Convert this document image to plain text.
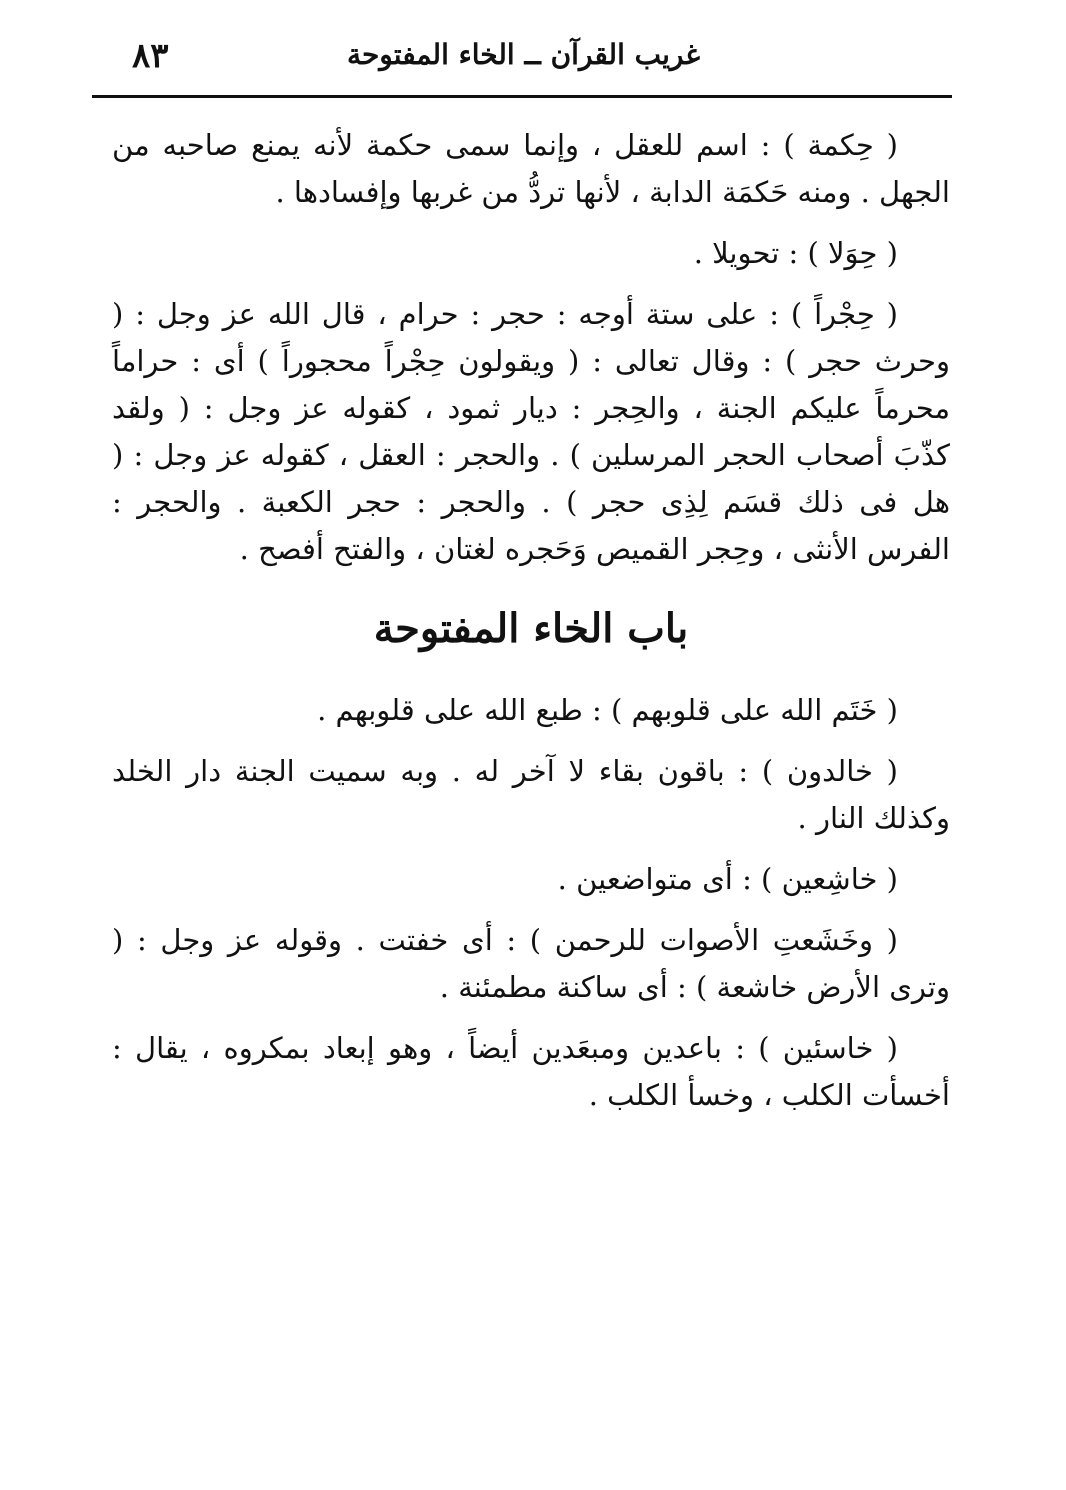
غريب القرآن ــ الخاء المفتوحة
٨٣

( حِكمة ) : اسم للعقل ، وإنما سمى حكمة لأنه يمنع صاحبه من الجهل . ومنه حَكمَة الدابة ، لأنها تردُّ من غربها وإفسادها .

( حِوَلا ) : تحويلا .

( حِجْراً ) : على ستة أوجه : حجر : حرام ، قال الله عز وجل : ( وحرث حجر ) : وقال تعالى : ( ويقولون حِجْراً محجوراً ) أى : حراماً محرماً عليكم الجنة ، والحِجر : ديار ثمود ، كقوله عز وجل : ( ولقد كذّبَ أصحاب الحجر المرسلين ) . والحجر : العقل ، كقوله عز وجل : ( هل فى ذلك قسَم لِذِى حجر ) . والحجر : حجر الكعبة . والحجر : الفرس الأنثى ، وحِجر القميص وَحَجره لغتان ، والفتح أفصح .

باب الخاء المفتوحة

( خَتَم الله على قلوبهم ) : طبع الله على قلوبهم .

( خالدون ) : باقون بقاء لا آخر له . وبه سميت الجنة دار الخلد وكذلك النار .

( خاشِعين ) : أى متواضعين .

( وخَشَعتِ الأصوات للرحمن ) : أى خفتت . وقوله عز وجل : ( وترى الأرض خاشعة ) : أى ساكنة مطمئنة .

( خاسئين ) : باعدين ومبعَدين أيضاً ، وهو إبعاد بمكروه ، يقال : أخسأت الكلب ، وخسأ الكلب .
